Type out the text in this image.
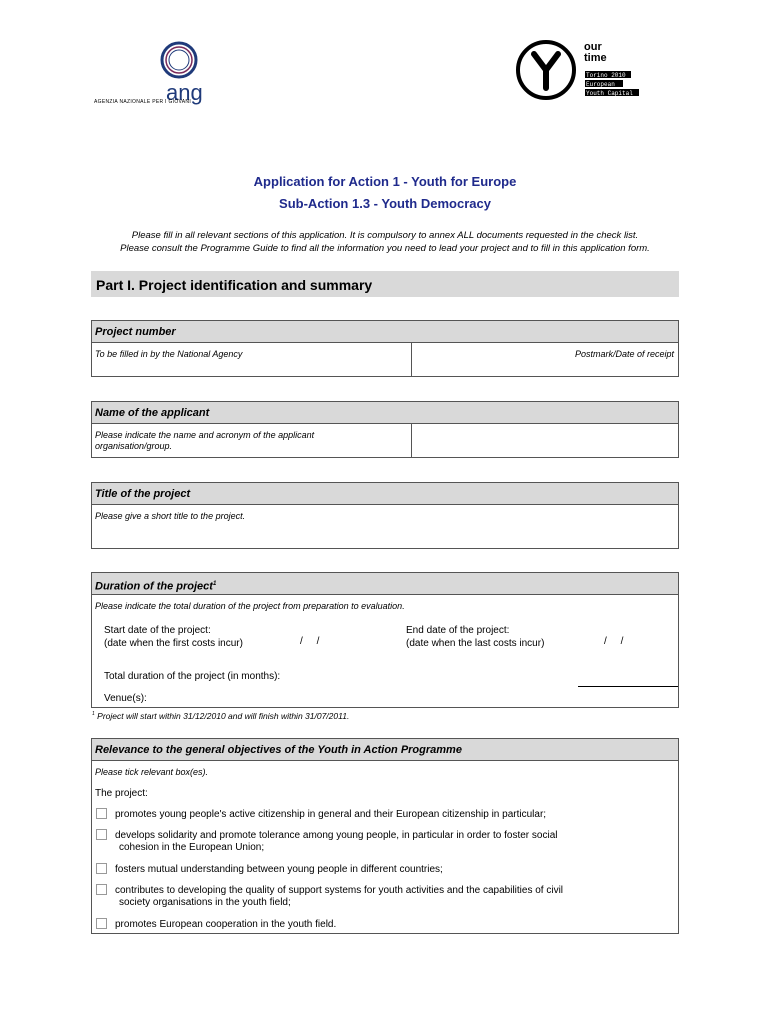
ang
AGENZIA NAZIONALE PER I GIOVANI
our
time
Torino 2010
European
Youth Capital
Application for Action 1 - Youth for Europe
Sub-Action 1.3 - Youth Democracy
Please fill in all relevant sections of this application. It is compulsory to annex ALL documents requested in the check list.
Please consult the Programme Guide to find all the information you need to lead your project and to fill in this application form.
Part I. Project identification and summary
Project number
To be filled in by the National Agency	Postmark/Date of receipt
Name of the applicant
Please indicate the name and acronym of the applicant
organisation/group.
Title of the project
Please give a short title to the project.
Duration of the project$^1$
Please indicate the total duration of the project from preparation to evaluation.
Start date of the project:
(date when the first costs incur)	/     /
End date of the project:
(date when the last costs incur)	/     /
Total duration of the project (in months):
Venue(s):
$^1$ Project will start within 31/12/2010 and will finish within 31/07/2011.
Relevance to the general objectives of the Youth in Action Programme
Please tick relevant box(es).
The project:
promotes young people's active citizenship in general and their European citizenship in particular;
develops solidarity and promote tolerance among young people, in particular in order to foster social
cohesion in the European Union;
fosters mutual understanding between young people in different countries;
contributes to developing the quality of support systems for youth activities and the capabilities of civil
society organisations in the youth field;
promotes European cooperation in the youth field.
